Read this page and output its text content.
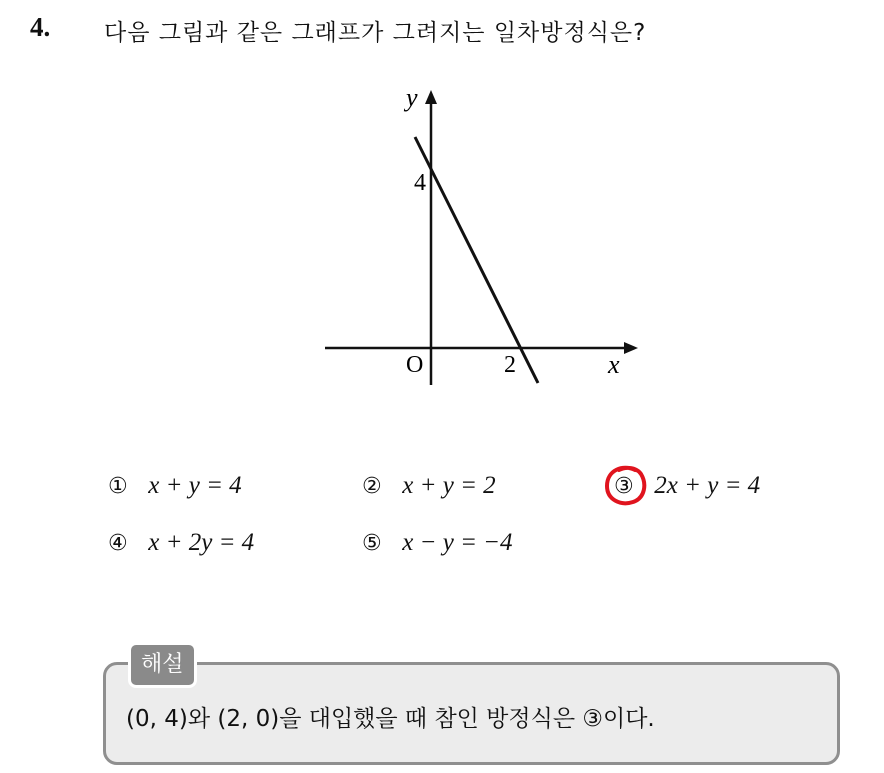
4. 다음 그림과 같은 그래프가 그려지는 일차방정식은?
y
x
O
4
2
① x + y = 4	② x + y = 2	③ 2x + y = 4
④ x + 2y = 4	⑤ x − y = −4
해설
(0, 4)와 (2, 0)을 대입했을 때 참인 방정식은 ③이다.
